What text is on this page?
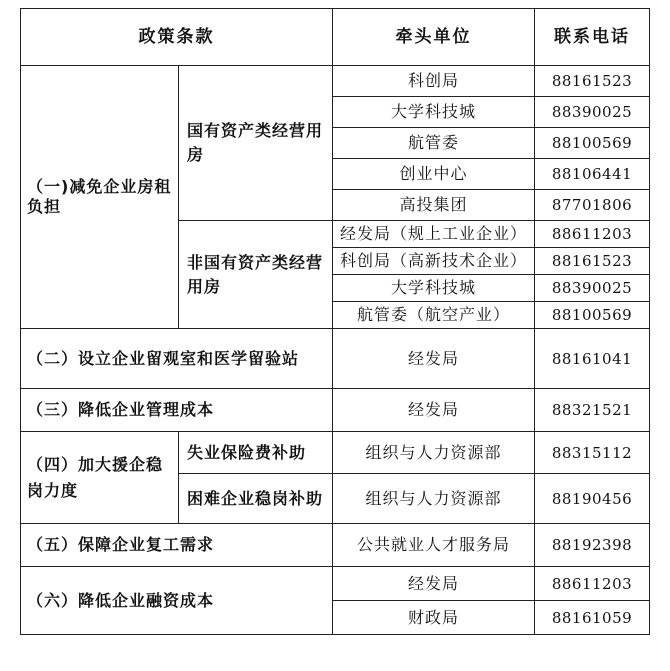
政策条款		牵头单位	联系电话
（一)减免企业房租负担	国有资产类经营用房	科创局	88161523
		大学科技城	88390025
		航管委	88100569
		创业中心	88106441
		高投集团	87701806
	非国有资产类经营用房	经发局（规上工业企业）	88611203
		科创局（高新技术企业）	88161523
		大学科技城	88390025
		航管委（航空产业）	88100569
（二）设立企业留观室和医学留验站		经发局	88161041
（三）降低企业管理成本		经发局	88321521
（四）加大援企稳岗力度	失业保险费补助	组织与人力资源部	88315112
	困难企业稳岗补助	组织与人力资源部	88190456
（五）保障企业复工需求		公共就业人才服务局	88192398
（六）降低企业融资成本		经发局	88611203
		财政局	88161059
